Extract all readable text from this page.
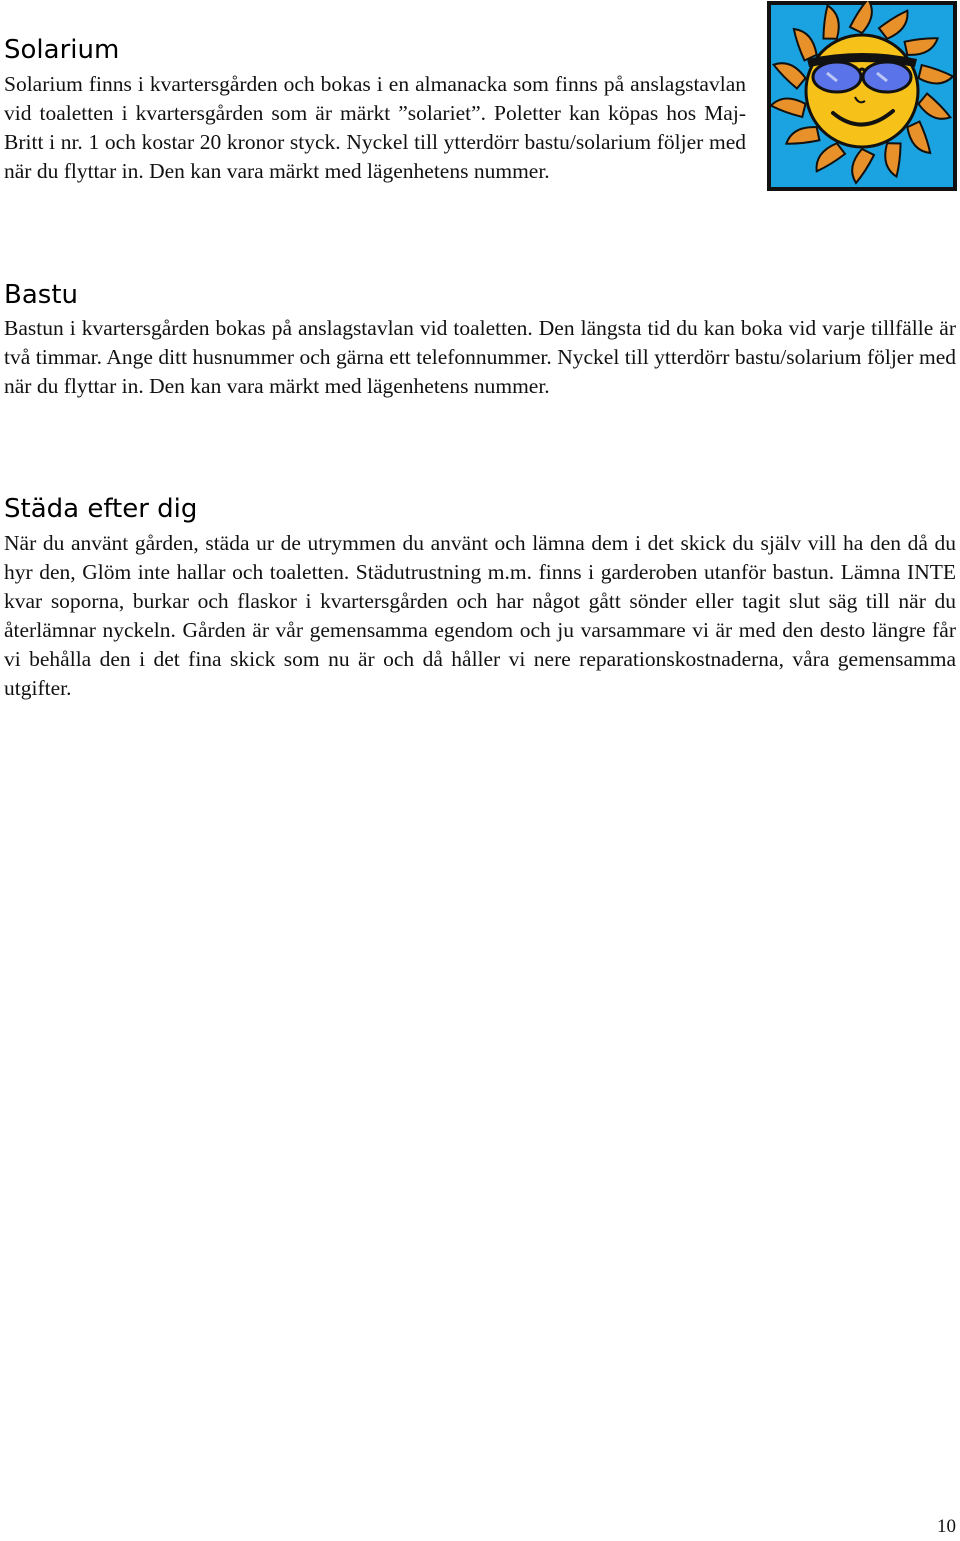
Solarium

Solarium finns i kvartersgården och bokas i en almanacka som finns på anslagstavlan vid toaletten i kvartersgården som är märkt ”solariet”. Poletter kan köpas hos Maj-Britt i nr. 1 och kostar 20 kronor styck. Nyckel till ytterdörr bastu/solarium följer med när du flyttar in. Den kan vara märkt med lägenhetens nummer.

Bastu

Bastun i kvartersgården bokas på anslagstavlan vid toaletten. Den längsta tid du kan boka vid varje tillfälle är två timmar. Ange ditt husnummer och gärna ett telefonnummer. Nyckel till ytterdörr bastu/solarium följer med när du flyttar in. Den kan vara märkt med lägenhetens nummer.

Städa efter dig

När du använt gården, städa ur de utrymmen du använt och lämna dem i det skick du själv vill ha den då du hyr den, Glöm inte hallar och toaletten. Städutrustning m.m. finns i garderoben utanför bastun. Lämna INTE kvar soporna, burkar och flaskor i kvartersgården och har något gått sönder eller tagit slut säg till när du återlämnar nyckeln. Gården är vår gemensamma egendom och ju varsammare vi är med den desto längre får vi behålla den i det fina skick som nu är och då håller vi nere reparationskostnaderna, våra gemensamma utgifter.

10
